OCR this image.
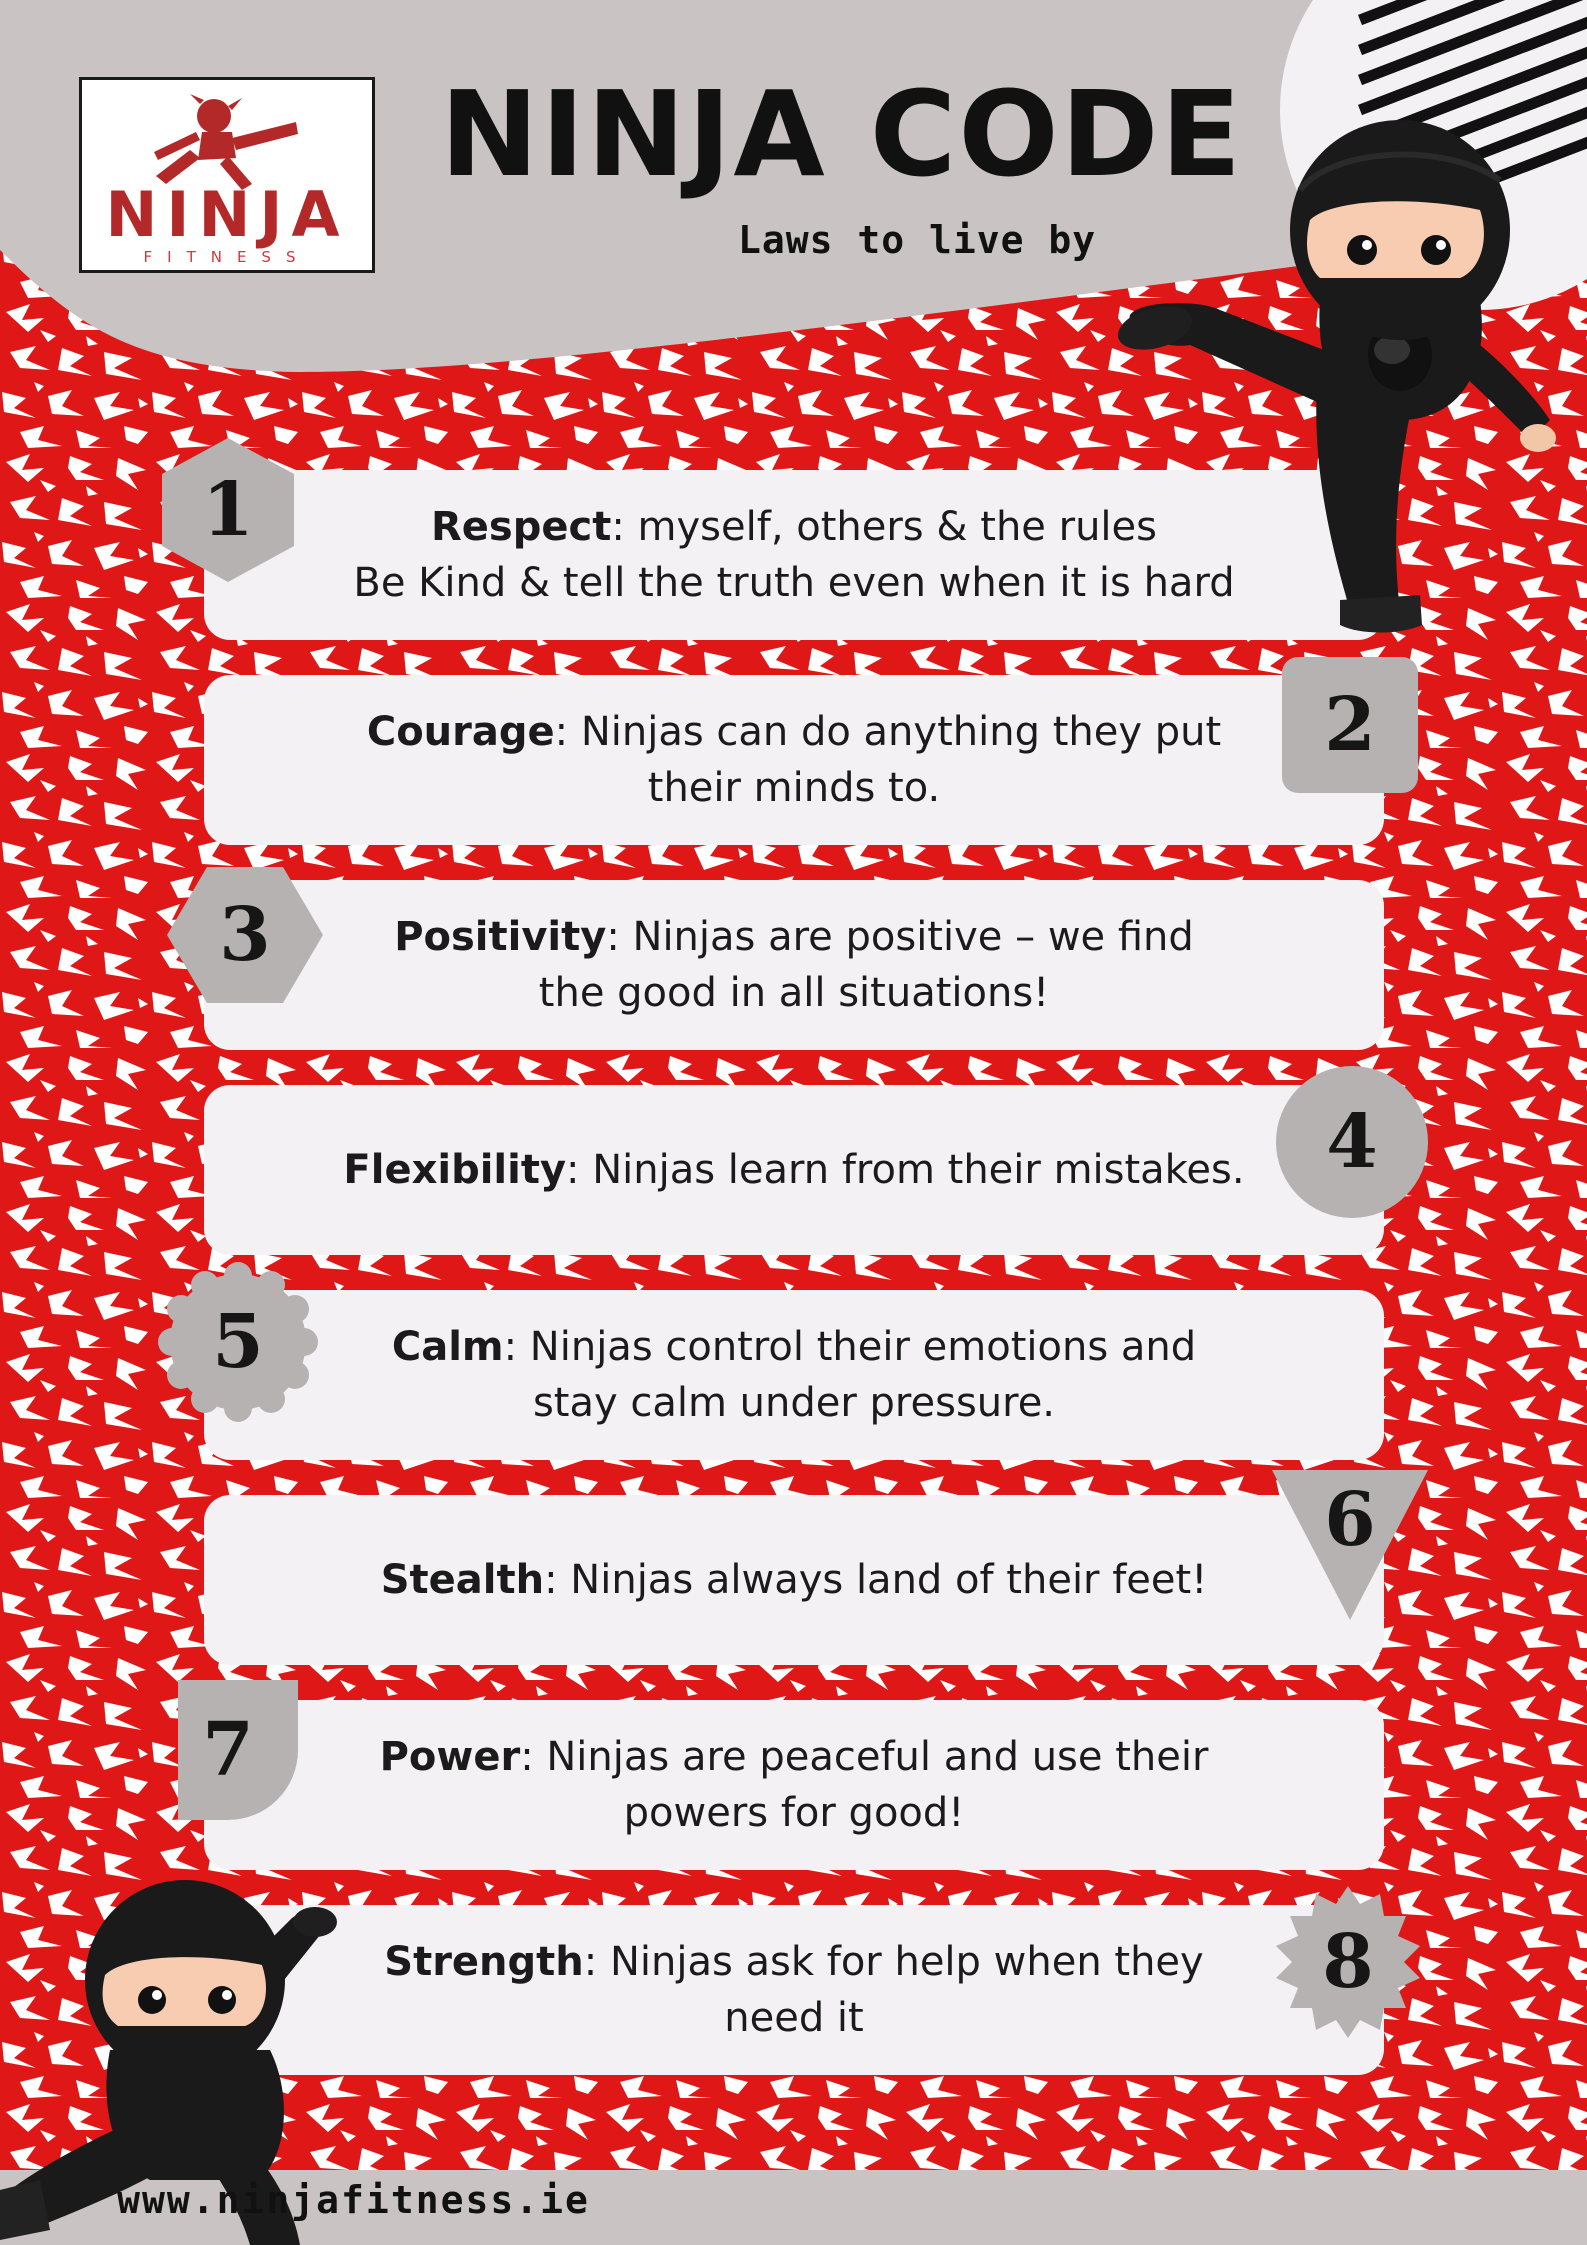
NINJA
FITNESS
NINJA CODE
Laws to live by
Respect: myself, others & the rules
Be Kind & tell the truth even when it is hard
Courage: Ninjas can do anything they put their minds to.
Positivity: Ninjas are positive – we find the good in all situations!
Flexibility: Ninjas learn from their mistakes.
Calm: Ninjas control their emotions and stay calm under pressure.
Stealth: Ninjas always land of their feet!
Power: Ninjas are peaceful and use their powers for good!
Strength: Ninjas ask for help when they need it
1
2
3
4
5
6
7
8
www.ninjafitness.ie
